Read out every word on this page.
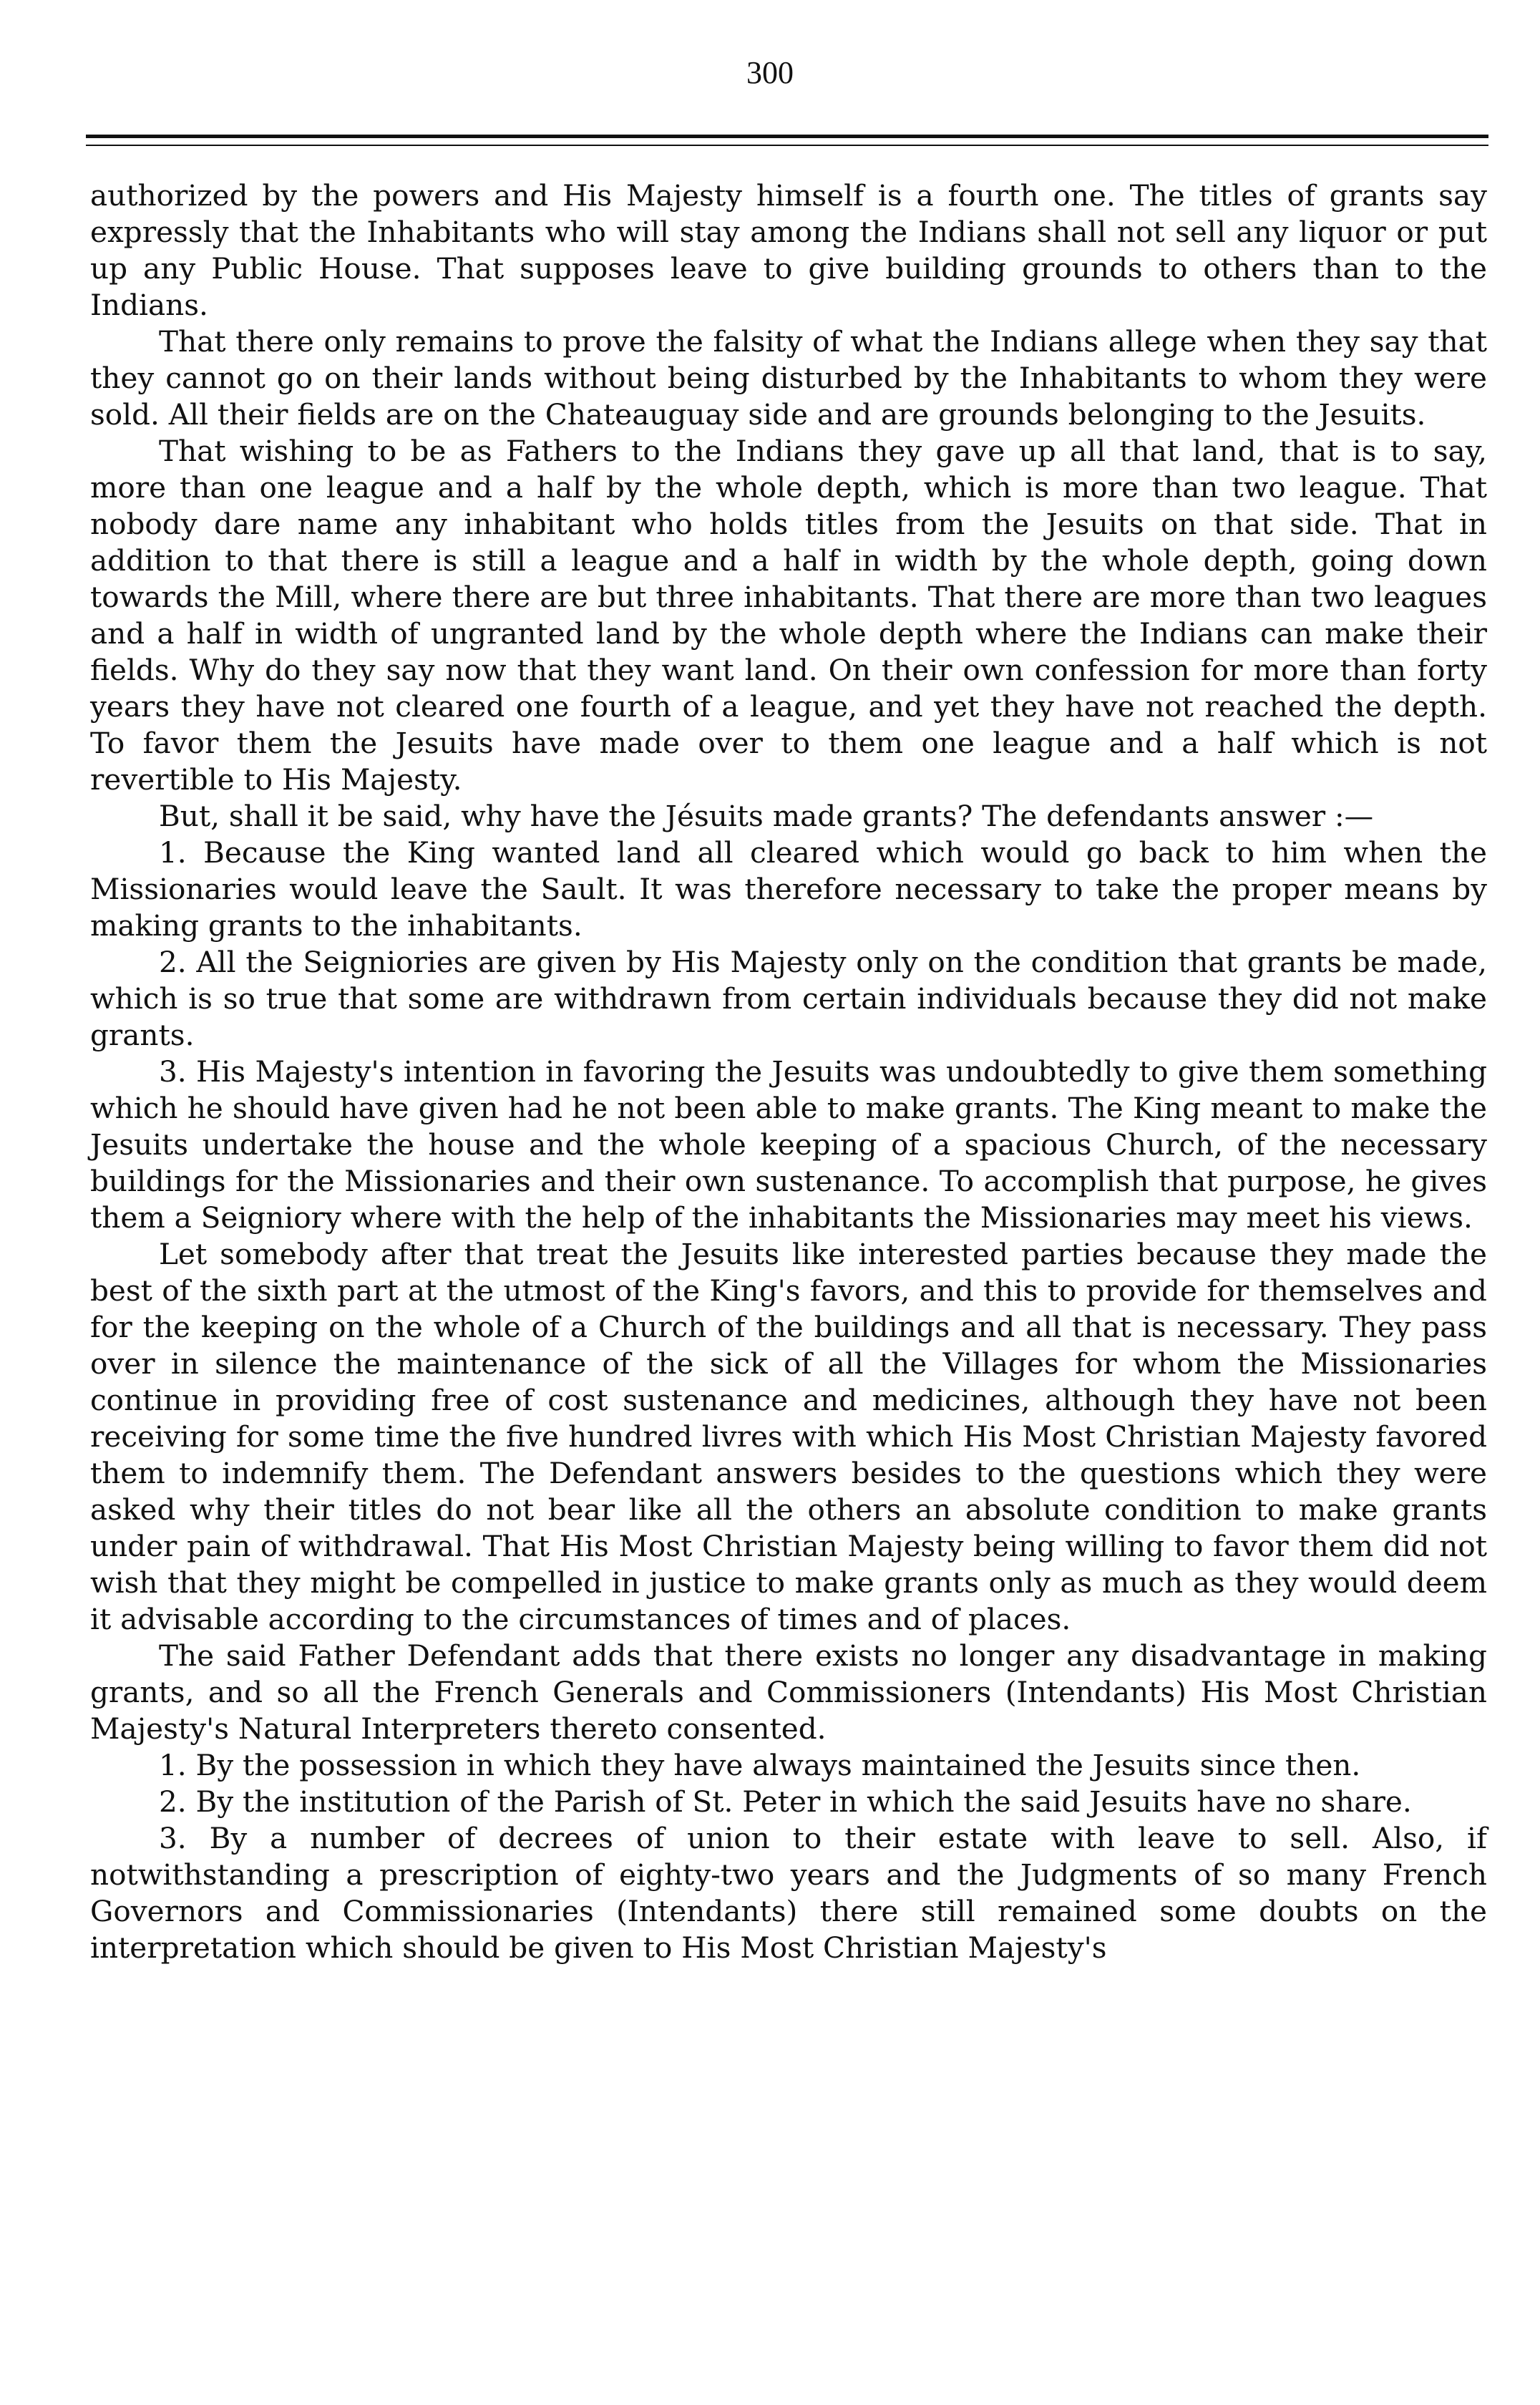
300

authorized by the powers and His Majesty himself is a fourth one. The titles of grants say expressly that the Inhabitants who will stay among the Indians shall not sell any liquor or put up any Public House. That supposes leave to give building grounds to others than to the Indians.

That there only remains to prove the falsity of what the Indians allege when they say that they cannot go on their lands without being disturbed by the Inhabitants to whom they were sold. All their fields are on the Chateauguay side and are grounds belonging to the Jesuits.

That wishing to be as Fathers to the Indians they gave up all that land, that is to say, more than one league and a half by the whole depth, which is more than two league. That nobody dare name any inhabitant who holds titles from the Jesuits on that side. That in addition to that there is still a league and a half in width by the whole depth, going down towards the Mill, where there are but three inhabitants. That there are more than two leagues and a half in width of ungranted land by the whole depth where the Indians can make their fields. Why do they say now that they want land. On their own confession for more than forty years they have not cleared one fourth of a league, and yet they have not reached the depth. To favor them the Jesuits have made over to them one league and a half which is not revertible to His Majesty.

But, shall it be said, why have the Jésuits made grants? The defendants answer :—

1. Because the King wanted land all cleared which would go back to him when the Missionaries would leave the Sault. It was therefore necessary to take the proper means by making grants to the inhabitants.

2. All the Seigniories are given by His Majesty only on the condition that grants be made, which is so true that some are withdrawn from certain individuals because they did not make grants.

3. His Majesty's intention in favoring the Jesuits was undoubtedly to give them something which he should have given had he not been able to make grants. The King meant to make the Jesuits undertake the house and the whole keeping of a spacious Church, of the necessary buildings for the Missionaries and their own sustenance. To accomplish that purpose, he gives them a Seigniory where with the help of the inhabitants the Missionaries may meet his views.

Let somebody after that treat the Jesuits like interested parties because they made the best of the sixth part at the utmost of the King's favors, and this to provide for themselves and for the keeping on the whole of a Church of the buildings and all that is necessary. They pass over in silence the maintenance of the sick of all the Villages for whom the Missionaries continue in providing free of cost sustenance and medicines, although they have not been receiving for some time the five hundred livres with which His Most Christian Majesty favored them to indemnify them. The Defendant answers besides to the questions which they were asked why their titles do not bear like all the others an absolute condition to make grants under pain of withdrawal. That His Most Christian Majesty being willing to favor them did not wish that they might be compelled in justice to make grants only as much as they would deem it advisable according to the circumstances of times and of places.

The said Father Defendant adds that there exists no longer any disadvantage in making grants, and so all the French Generals and Commissioners (Intendants) His Most Christian Majesty's Natural Interpreters thereto consented.

1. By the possession in which they have always maintained the Jesuits since then.

2. By the institution of the Parish of St. Peter in which the said Jesuits have no share.

3. By a number of decrees of union to their estate with leave to sell. Also, if notwithstanding a prescription of eighty-two years and the Judgments of so many French Governors and Commissionaries (Intendants) there still remained some doubts on the interpretation which should be given to His Most Christian Majesty's
